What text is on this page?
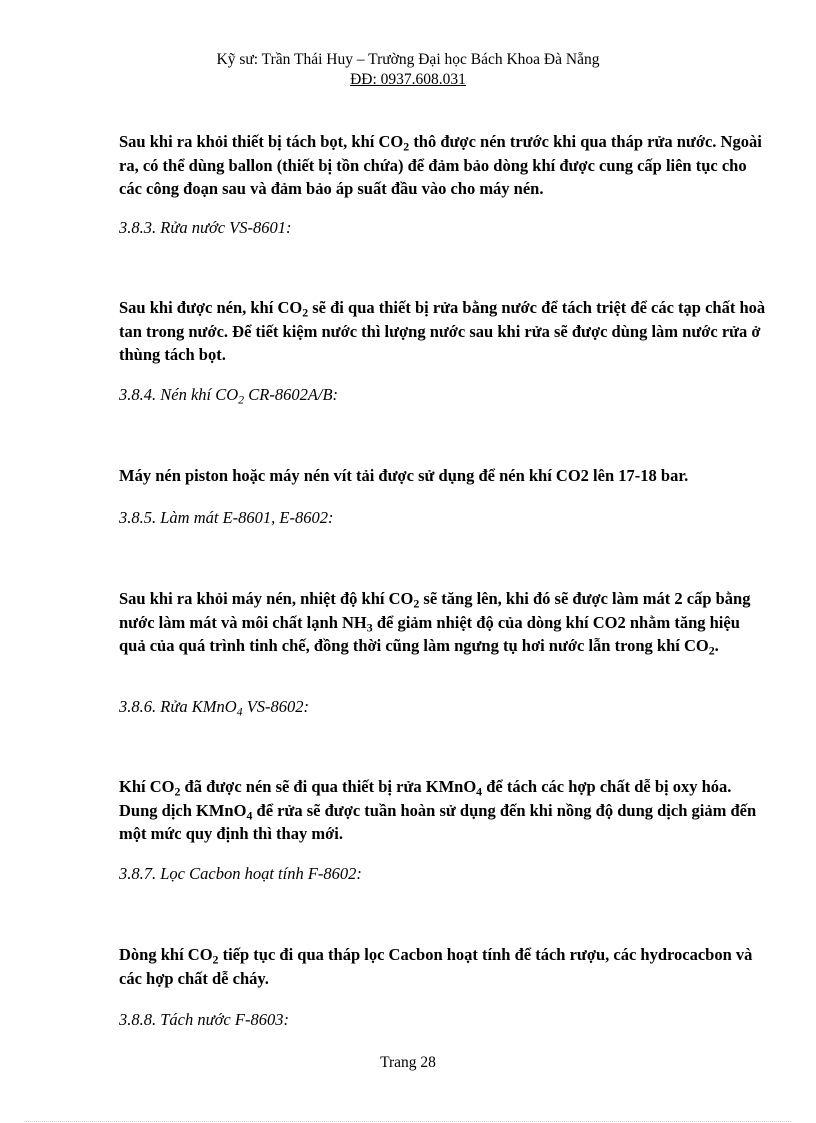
Kỹ sư: Trần Thái Huy – Trường Đại học Bách Khoa Đà Nẵng
ĐĐ: 0937.608.031
Sau khi ra khỏi thiết bị tách bọt, khí $CO_2$ thô được nén trước khi qua tháp rửa nước. Ngoài ra, có thể dùng ballon (thiết bị tồn chứa) để đảm bảo dòng khí được cung cấp liên tục cho các công đoạn sau và đảm bảo áp suất đầu vào cho máy nén.
3.8.3. Rửa nước VS-8601:
Sau khi được nén, khí $CO_2$ sẽ đi qua thiết bị rửa bằng nước để tách triệt để các tạp chất hoà tan trong nước. Để tiết kiệm nước thì lượng nước sau khi rửa sẽ được dùng làm nước rửa ở thùng tách bọt.
3.8.4. Nén khí $CO_2$ CR-8602A/B:
Máy nén piston hoặc máy nén vít tải được sử dụng để nén khí CO2 lên 17-18 bar.
3.8.5. Làm mát E-8601, E-8602:
Sau khi ra khỏi máy nén, nhiệt độ khí $CO_2$ sẽ tăng lên, khi đó sẽ được làm mát 2 cấp bằng nước làm mát và môi chất lạnh $NH_3$ để giảm nhiệt độ của dòng khí CO2 nhằm tăng hiệu quả của quá trình tinh chế, đồng thời cũng làm ngưng tụ hơi nước lẫn trong khí $CO_2$.
3.8.6. Rửa KMnO$_4$ VS-8602:
Khí $CO_2$ đã được nén sẽ đi qua thiết bị rửa KMnO$_4$ để tách các hợp chất dễ bị oxy hóa. Dung dịch KMnO$_4$ để rửa sẽ được tuần hoàn sử dụng đến khi nồng độ dung dịch giảm đến một mức quy định thì thay mới.
3.8.7. Lọc Cacbon hoạt tính F-8602:
Dòng khí $CO_2$ tiếp tục đi qua tháp lọc Cacbon hoạt tính để tách rượu, các hydrocacbon và các hợp chất dễ cháy.
3.8.8. Tách nước F-8603:
Trang 28
